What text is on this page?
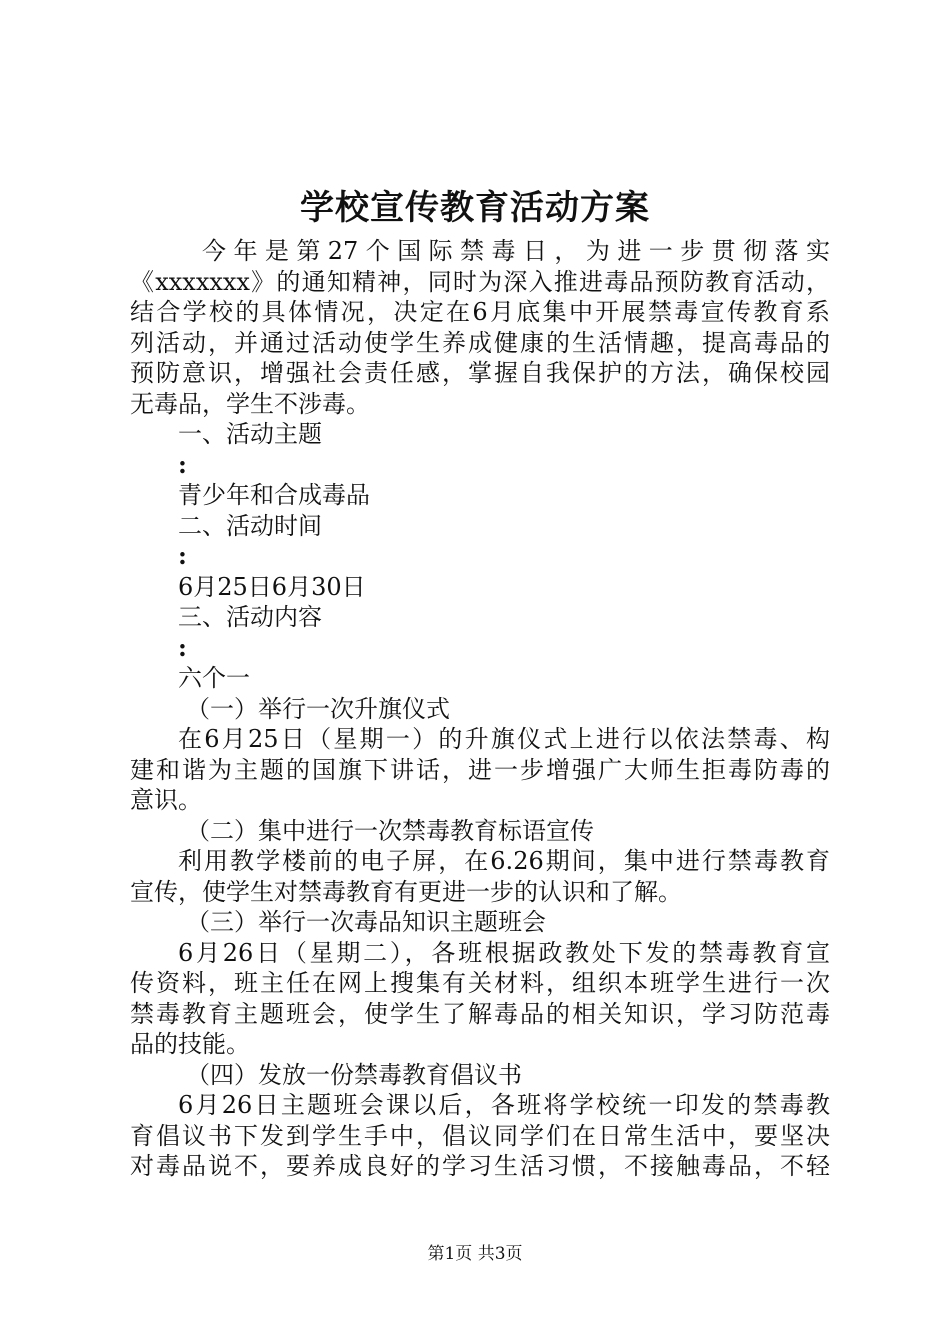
学校宣传教育活动方案

今年是第27个国际禁毒日，为进一步贯彻落实

《xxxxxxx》的通知精神，同时为深入推进毒品预防教育活动，

结合学校的具体情况，决定在6月底集中开展禁毒宣传教育系

列活动，并通过活动使学生养成健康的生活情趣，提高毒品的

预防意识，增强社会责任感，掌握自我保护的方法，确保校园

无毒品，学生不涉毒。

一、活动主题

:

青少年和合成毒品

二、活动时间

:

6月25日6月30日

三、活动内容

:

六个一

（一）举行一次升旗仪式

在6月25日（星期一）的升旗仪式上进行以依法禁毒、构

建和谐为主题的国旗下讲话，进一步增强广大师生拒毒防毒的

意识。

（二）集中进行一次禁毒教育标语宣传

利用教学楼前的电子屏，在6.26期间，集中进行禁毒教育

宣传，使学生对禁毒教育有更进一步的认识和了解。

（三）举行一次毒品知识主题班会

6月26日（星期二），各班根据政教处下发的禁毒教育宣

传资料，班主任在网上搜集有关材料，组织本班学生进行一次

禁毒教育主题班会，使学生了解毒品的相关知识，学习防范毒

品的技能。

（四）发放一份禁毒教育倡议书

6月26日主题班会课以后，各班将学校统一印发的禁毒教

育倡议书下发到学生手中，倡议同学们在日常生活中，要坚决

对毒品说不，要养成良好的学习生活习惯，不接触毒品，不轻

第1页 共3页
